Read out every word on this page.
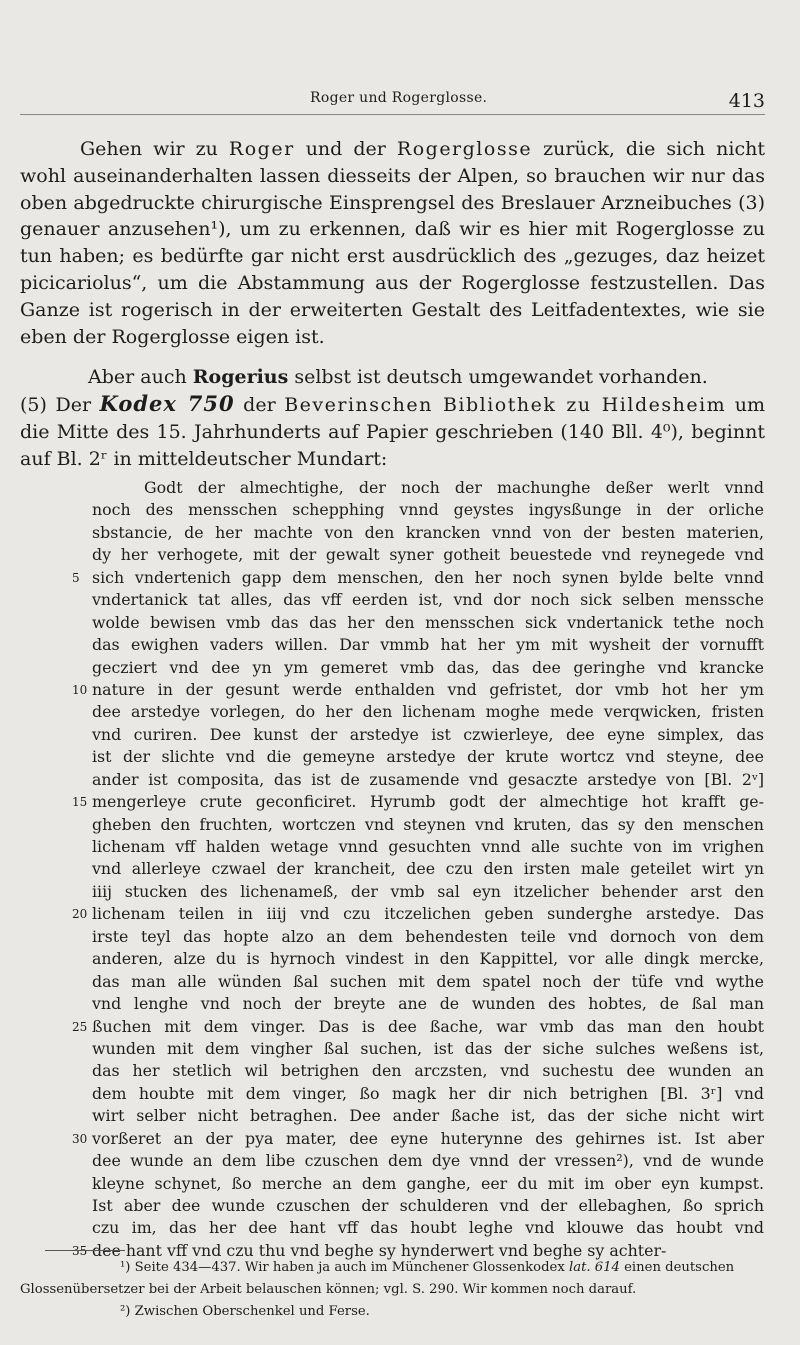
Roger und Rogerglosse.	413

Gehen wir zu Roger und der Rogerglosse zurück, die sich nicht wohl auseinanderhalten lassen diesseits der Alpen, so brauchen wir nur das oben abgedruckte chirurgische Einsprengsel des Breslauer Arzneibuches (3) genauer anzusehen¹), um zu erkennen, daß wir es hier mit Rogerglosse zu tun haben; es bedürfte gar nicht erst ausdrücklich des „gezuges, daz heizet picicariolus“, um die Abstammung aus der Rogerglosse festzustellen. Das Ganze ist rogerisch in der erweiterten Gestalt des Leitfadentextes, wie sie eben der Rogerglosse eigen ist.

Aber auch Rogerius selbst ist deutsch umgewandet vorhanden.
(5) Der Kodex 750 der Beverinschen Bibliothek zu Hildesheim um die Mitte des 15. Jahrhunderts auf Papier geschrieben (140 Bll. 4⁰), beginnt auf Bl. 2ʳ in mitteldeutscher Mundart:

Godt der almechtighe, der noch der machunghe deßer werlt vnnd
noch des mensschen schepphing vnnd geystes ingysßunge in der orliche
sbstancie, de her machte von den krancken vnnd von der besten materien,
dy her verhogete, mit der gewalt syner gotheit beuestede vnd reynegede vnd
5 sich vndertenich gapp dem menschen, den her noch synen bylde belte vnnd
vndertanick tat alles, das vff eerden ist, vnd dor noch sick selben mensschе
wolde bewisen vmb das das her den mensschen sick vndertanick tethe noch
das ewighen vaders willen. Dar vmmb hat her ym mit wysheit der vornufft
gecziert vnd dee yn ym gemeret vmb das, das dee geringhe vnd krancke
10 nature in der gesunt werde enthalden vnd gefristet, dor vmb hot her ym
dee arstedye vorlegen, do her den lichenam moghe mede verqwicken, fristen
vnd curiren. Dee kunst der arstedye ist czwierleye, dee eyne simplex, das
ist der slichte vnd die gemeyne arstedye der krute wortcz vnd steyne, dee
ander ist composita, das ist de zusamende vnd gesaczte arstedye von [Bl. 2ᵛ]
15 mengerleye crute geconficiret. Hyrumb godt der almechtige hot krafft ge-
gheben den fruchten, wortczen vnd steynen vnd kruten, das sy den menschen
lichenam vff halden wetage vnnd gesuchten vnnd alle suchte von im vrighen
vnd allerleye czwael der krancheit, dee czu den irsten male geteilet wirt yn
iiij stucken des lichenameß, der vmb sal eyn itzelicher behender arst den
20 lichenam teilen in iiij vnd czu itczelichen geben sunderghe arstedye. Das
irste teyl das hopte alzo an dem behendesten teile vnd dornoch von dem
anderen, alze du is hyrnoch vindest in den Kappittel, vor alle dingk mercke,
das man alle wünden ßal suchen mit dem spatel noch der tüfe vnd wythe
vnd lenghe vnd noch der breyte ane de wunden des hobtes, de ßal man
25 ßuchen mit dem vinger. Das is dee ßache, war vmb das man den houbt
wunden mit dem vingher ßal suchen, ist das der siche sulches weßens ist,
das her stetlich wil betrighen den arczsten, vnd suchestu dee wunden an
dem houbte mit dem vinger, ßo magk her dir nich betrighen [Bl. 3ʳ] vnd
wirt selber nicht betraghen. Dee ander ßache ist, das der siche nicht wirt
30 vorßeret an der pya mater, dee eyne huterynne des gehirnes ist. Ist aber
dee wunde an dem libe czuschen dem dye vnnd der vressen²), vnd de wunde
kleyne schynet, ßo merche an dem ganghe, eer du mit im ober eyn kumpst.
Ist aber dee wunde czuschen der schulderen vnd der ellebaghen, ßo sprich
czu im, das her dee hant vff das houbt leghe vnd klouwe das houbt vnd
35 dee hant vff vnd czu thu vnd beghe sy hynderwert vnd beghe sy achter-

¹) Seite 434—437. Wir haben ja auch im Münchener Glossenkodex lat. 614 einen deutschen Glossenübersetzer bei der Arbeit belauschen können; vgl. S. 290. Wir kommen noch darauf.

²) Zwischen Oberschenkel und Ferse.
